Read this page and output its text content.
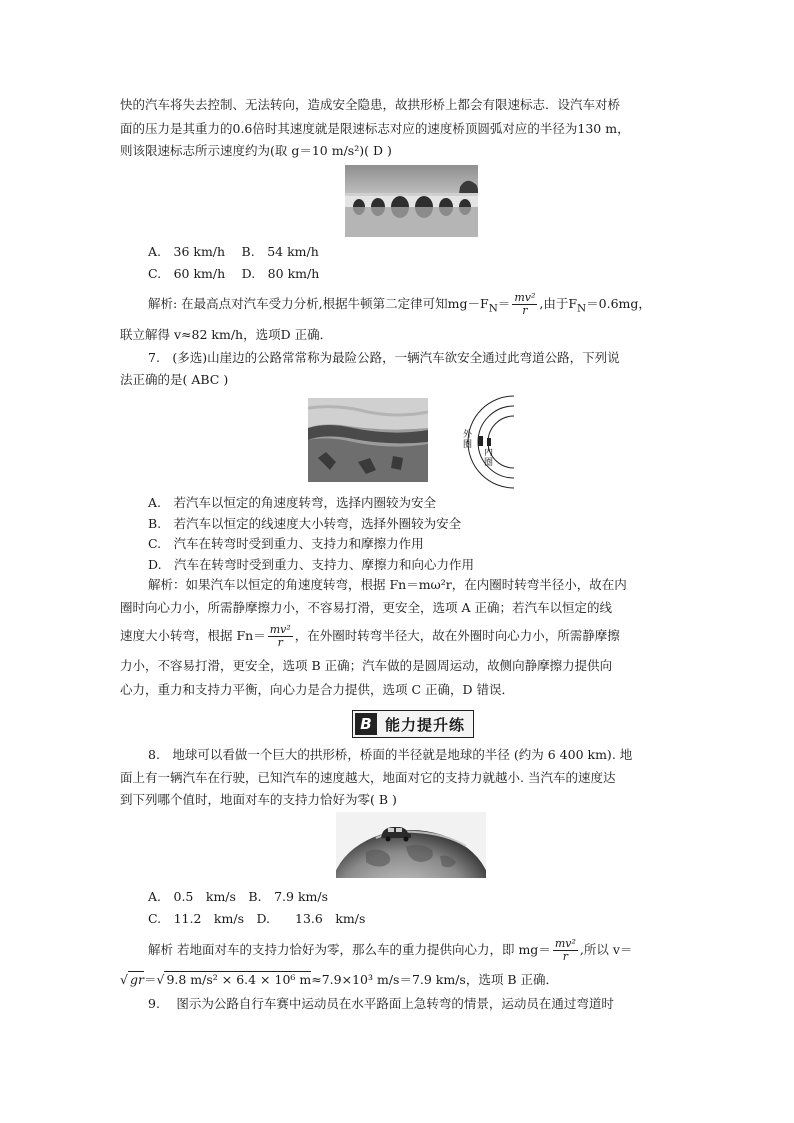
快的汽车将失去控制、无法转向，造成安全隐患，故拱形桥上都会有限速标志．设汽车对桥
面的压力是其重力的0.6倍时其速度就是限速标志对应的速度桥顶圆弧对应的半径为130 m，
则该限速标志所示速度约为(取 g＝10 m/s²)( D )
A.　36 km/h　 B.　54 km/h
C.　60 km/h　 D.　80 km/h
解析: 在最高点对汽车受力分析,根据牛顿第二定律可知$mg-F_N= \frac{\text{mv²}}{r}$ ,由于$F_N=0.6mg$，
联立解得 v≈82 km/h，选项D 正确．
7.　(多选)山崖边的公路常常称为最险公路，一辆汽车欲安全通过此弯道公路，下列说
法正确的是( ABC )
外圈
内圈
A.　若汽车以恒定的角速度转弯，选择内圈较为安全
B.　若汽车以恒定的线速度大小转弯，选择外圈较为安全
C.　汽车在转弯时受到重力、支持力和摩擦力作用
D.　汽车在转弯时受到重力、支持力、摩擦力和向心力作用
解析：如果汽车以恒定的角速度转弯，根据 Fn＝mω²r，在内圈时转弯半径小，故在内
圈时向心力小，所需静摩擦力小，不容易打滑，更安全，选项 A 正确；若汽车以恒定的线
速度大小转弯，根据 $Fn= \frac{\text{mv²}}{r}$ ，在外圈时转弯半径大，故在外圈时向心力小，所需静摩擦
力小，不容易打滑，更安全，选项 B 正确；汽车做的是圆周运动，故侧向静摩擦力提供向
心力，重力和支持力平衡，向心力是合力提供，选项 C 正确，D 错误．
B 能力提升练
8.　地球可以看做一个巨大的拱形桥，桥面的半径就是地球的半径 (约为 6 400 km). 地
面上有一辆汽车在行驶，已知汽车的速度越大，地面对它的支持力就越小. 当汽车的速度达
到下列哪个值时，地面对车的支持力恰好为零( B )
A.　0.5　km/s　B.　7.9 km/s
C.　11.2　km/s　D.　　13.6　km/s
解析 若地面对车的支持力恰好为零，那么车的重力提供向心力，即 $mg= \frac{\text{mv²}}{r}$ ,所以 v＝
√ gr＝√ 9.8 m/s² × 6.4 × 10⁶ m≈7.9×10³ m/s＝7.9 km/s，选项 B 正确．
9.　 图示为公路自行车赛中运动员在水平路面上急转弯的情景，运动员在通过弯道时
